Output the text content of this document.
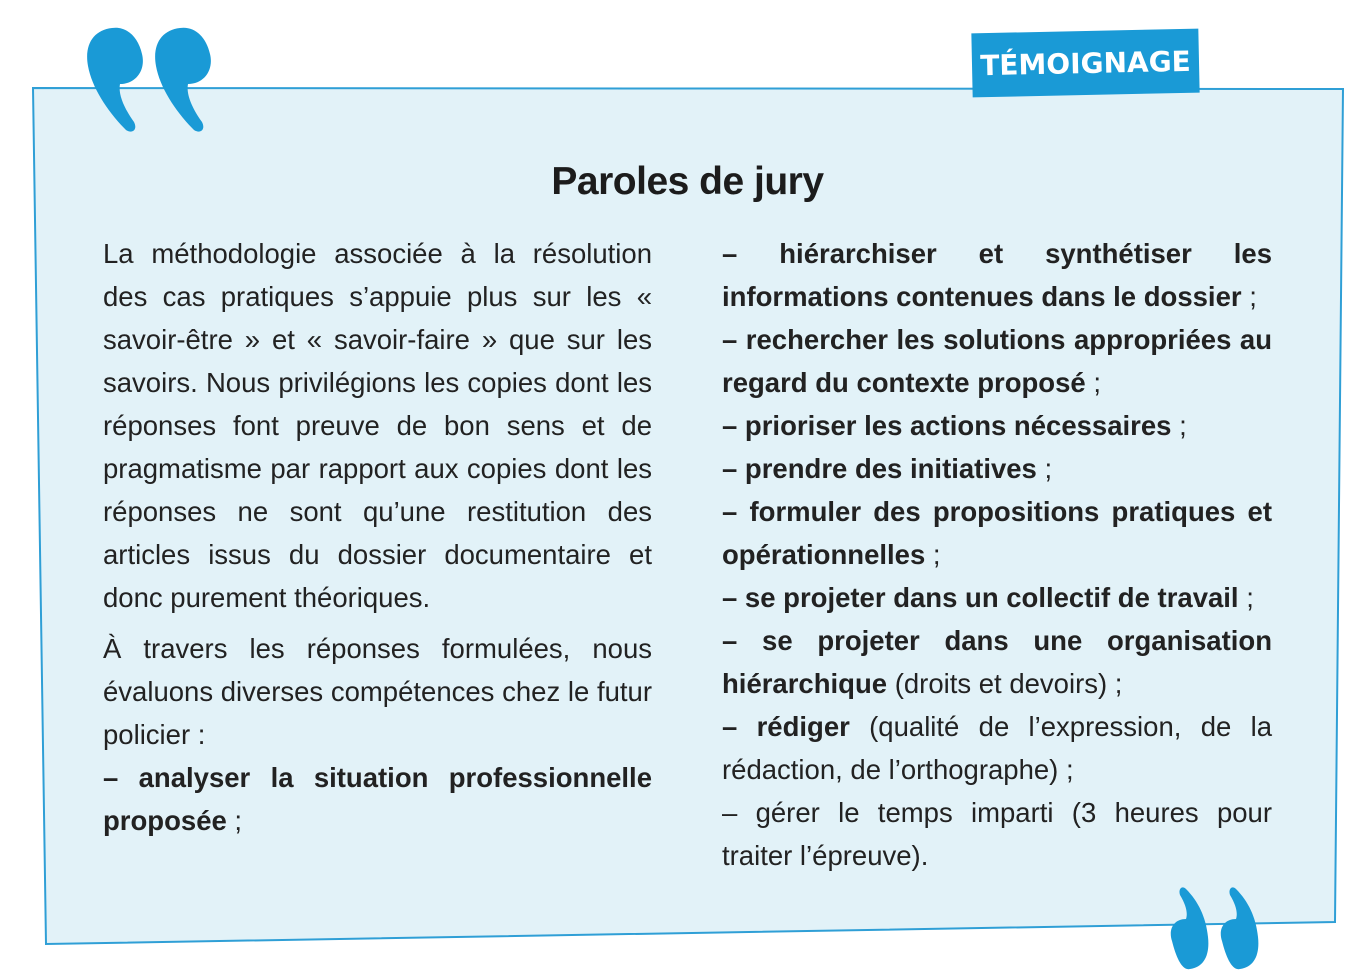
TÉMOIGNAGE
Paroles de jury

La méthodologie associée à la résolution des cas pratiques s’appuie plus sur les « savoir-être » et « savoir-faire » que sur les savoirs. Nous privilégions les copies dont les réponses font preuve de bon sens et de pragmatisme par rapport aux copies dont les réponses ne sont qu’une restitution des articles issus du dossier documentaire et donc purement théoriques.

À travers les réponses formulées, nous évaluons diverses compétences chez le futur policier :

– analyser la situation professionnelle proposée ;

– hiérarchiser et synthétiser les informations contenues dans le dossier ;

– rechercher les solutions appropriées au regard du contexte proposé ;

– prioriser les actions nécessaires ;

– prendre des initiatives ;

– formuler des propositions pratiques et opérationnelles ;

– se projeter dans un collectif de travail ;

– se projeter dans une organisation hiérarchique (droits et devoirs) ;

– rédiger (qualité de l’expression, de la rédaction, de l’orthographe) ;

– gérer le temps imparti (3 heures pour traiter l’épreuve).
